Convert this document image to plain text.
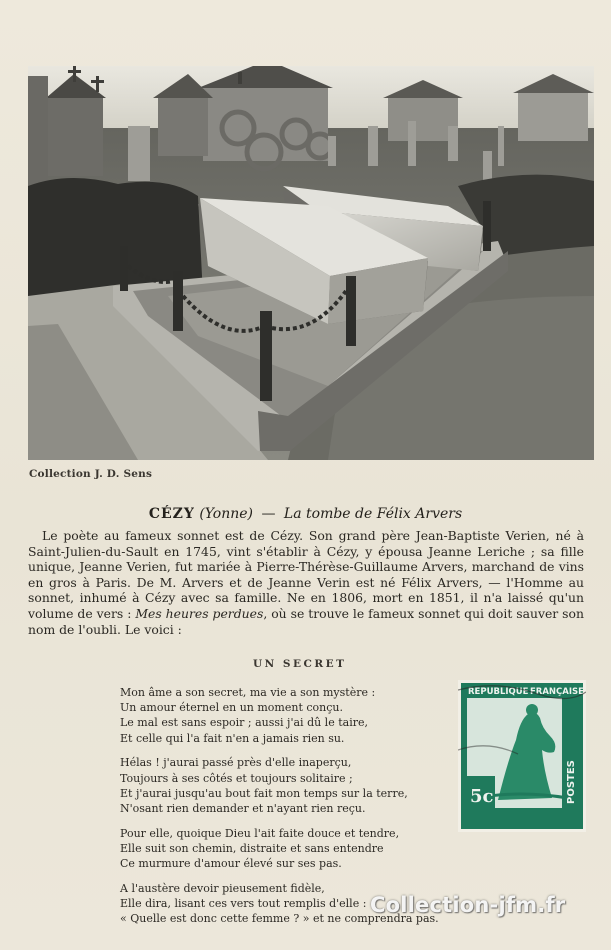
Collection J. D. Sens
CÉZY (Yonne) — La tombe de Félix Arvers

Le poète au fameux sonnet est de Cézy. Son grand père Jean-Baptiste Verien, né à Saint-Julien-du-Sault en 1745, vint s'établir à Cézy, y épousa Jeanne Leriche ; sa fille unique, Jeanne Verien, fut mariée à Pierre-Thérèse-Guillaume Arvers, marchand de vins en gros à Paris. De M. Arvers et de Jeanne Verin est né Félix Arvers, — l'Homme au sonnet, inhumé à Cézy avec sa famille. Ne en 1806, mort en 1851, il n'a laissé qu'un volume de vers : Mes heures perdues, où se trouve le fameux sonnet qui doit sauver son nom de l'oubli. Le voici :

UN SECRET
Mon âme a son secret, ma vie a son mystère :
Un amour éternel en un moment conçu.
Le mal est sans espoir ; aussi j'ai dû le taire,
Et celle qui l'a fait n'en a jamais rien su.
Hélas ! j'aurai passé près d'elle inaperçu,
Toujours à ses côtés et toujours solitaire ;
Et j'aurai jusqu'au bout fait mon temps sur la terre,
N'osant rien demander et n'ayant rien reçu.
Pour elle, quoique Dieu l'ait faite douce et tendre,
Elle suit son chemin, distraite et sans entendre
Ce murmure d'amour élevé sur ses pas.
A l'austère devoir pieusement fidèle,
Elle dira, lisant ces vers tout remplis d'elle :
« Quelle est donc cette femme ? » et ne comprendra pas.
REPUBLIQUE FRANÇAISE
5c	POSTES
Collection-jfm.fr
